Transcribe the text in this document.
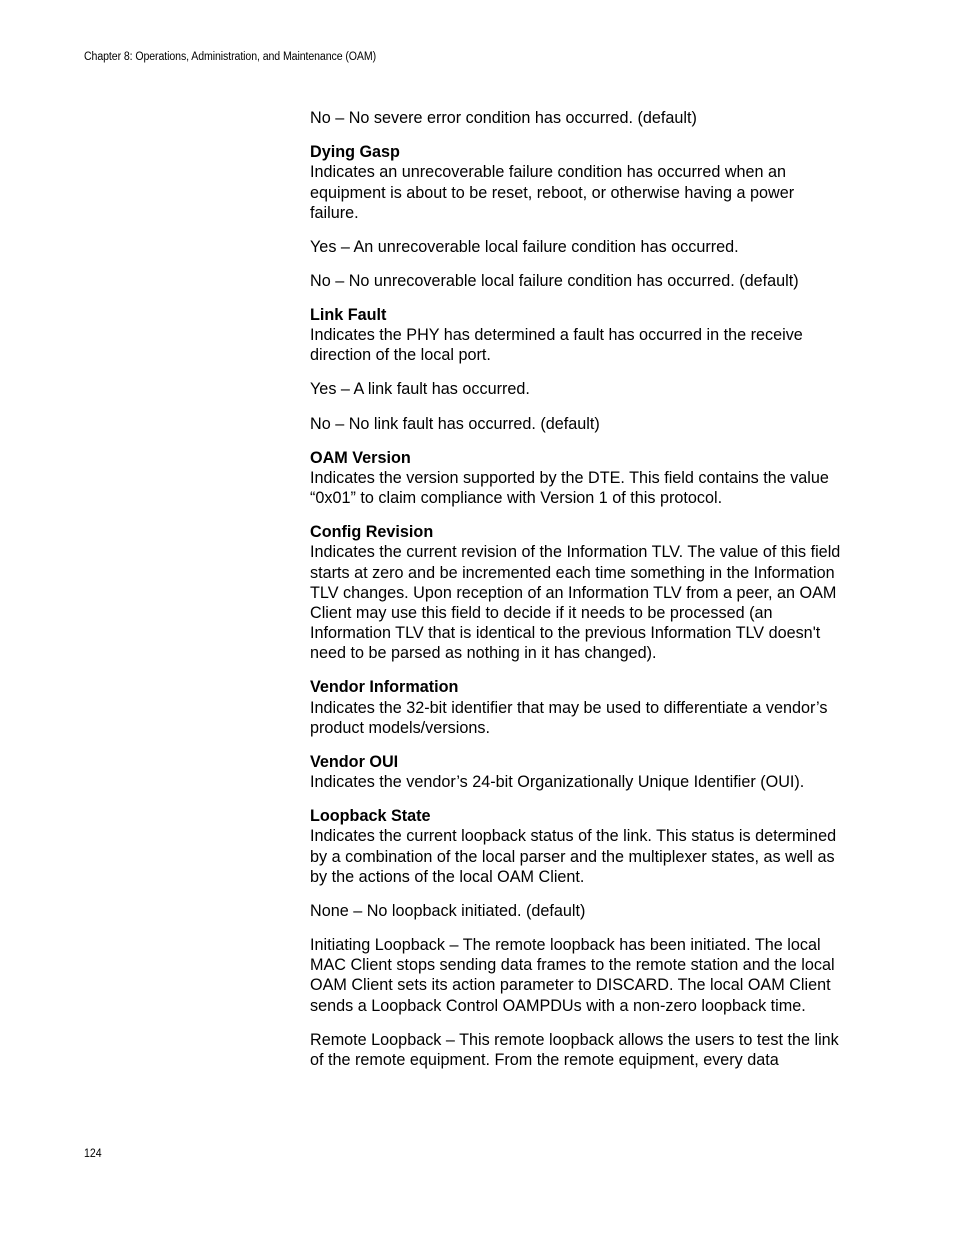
Chapter 8: Operations, Administration, and Maintenance (OAM)

No – No severe error condition has occurred. (default)

Dying Gasp
Indicates an unrecoverable failure condition has occurred when an equipment is about to be reset, reboot, or otherwise having a power failure.

Yes – An unrecoverable local failure condition has occurred.

No – No unrecoverable local failure condition has occurred. (default)

Link Fault
Indicates the PHY has determined a fault has occurred in the receive direction of the local port.

Yes – A link fault has occurred.

No – No link fault has occurred. (default)

OAM Version
Indicates the version supported by the DTE. This field contains the value “0x01” to claim compliance with Version 1 of this protocol.

Config Revision
Indicates the current revision of the Information TLV. The value of this field starts at zero and be incremented each time something in the Information TLV changes. Upon reception of an Information TLV from a peer, an OAM Client may use this field to decide if it needs to be processed (an Information TLV that is identical to the previous Information TLV doesn't need to be parsed as nothing in it has changed).

Vendor Information
Indicates the 32-bit identifier that may be used to differentiate a vendor’s product models/versions.

Vendor OUI
Indicates the vendor’s 24-bit Organizationally Unique Identifier (OUI).

Loopback State
Indicates the current loopback status of the link. This status is determined by a combination of the local parser and the multiplexer states, as well as by the actions of the local OAM Client.

None – No loopback initiated. (default)

Initiating Loopback – The remote loopback has been initiated. The local MAC Client stops sending data frames to the remote station and the local OAM Client sets its action parameter to DISCARD. The local OAM Client sends a Loopback Control OAMPDUs with a non-zero loopback time.

Remote Loopback – This remote loopback allows the users to test the link of the remote equipment. From the remote equipment, every data

124
